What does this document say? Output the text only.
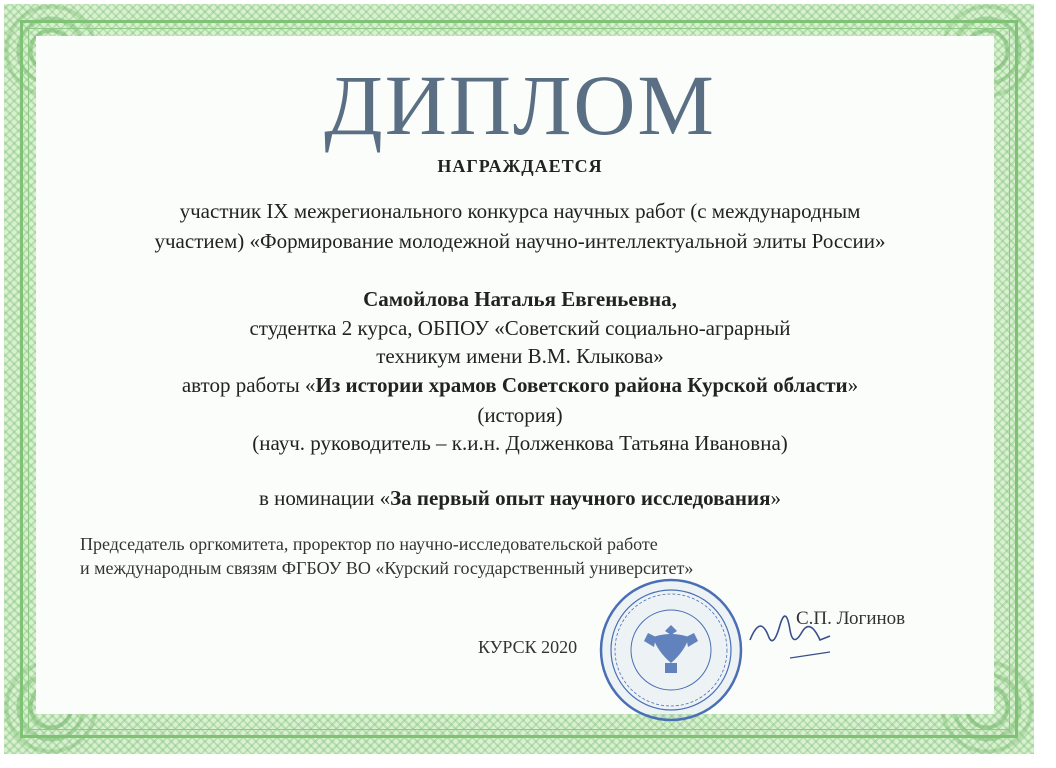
ДИПЛОМ
НАГРАЖДАЕТСЯ
участник IX межрегионального конкурса научных работ (с международным
участием) «Формирование молодежной научно-интеллектуальной элиты России»
Самойлова Наталья Евгеньевна,
студентка 2 курса, ОБПОУ «Советский социально-аграрный
техникум имени В.М. Клыкова»
автор работы «Из истории храмов Советского района Курской области»
(история)
(науч. руководитель – к.и.н. Долженкова Татьяна Ивановна)
в номинации «За первый опыт научного исследования»
Председатель оргкомитета, проректор по научно-исследовательской работе
и международным связям ФГБОУ ВО «Курский государственный университет»
КУРСК 2020
С.П. Логинов
